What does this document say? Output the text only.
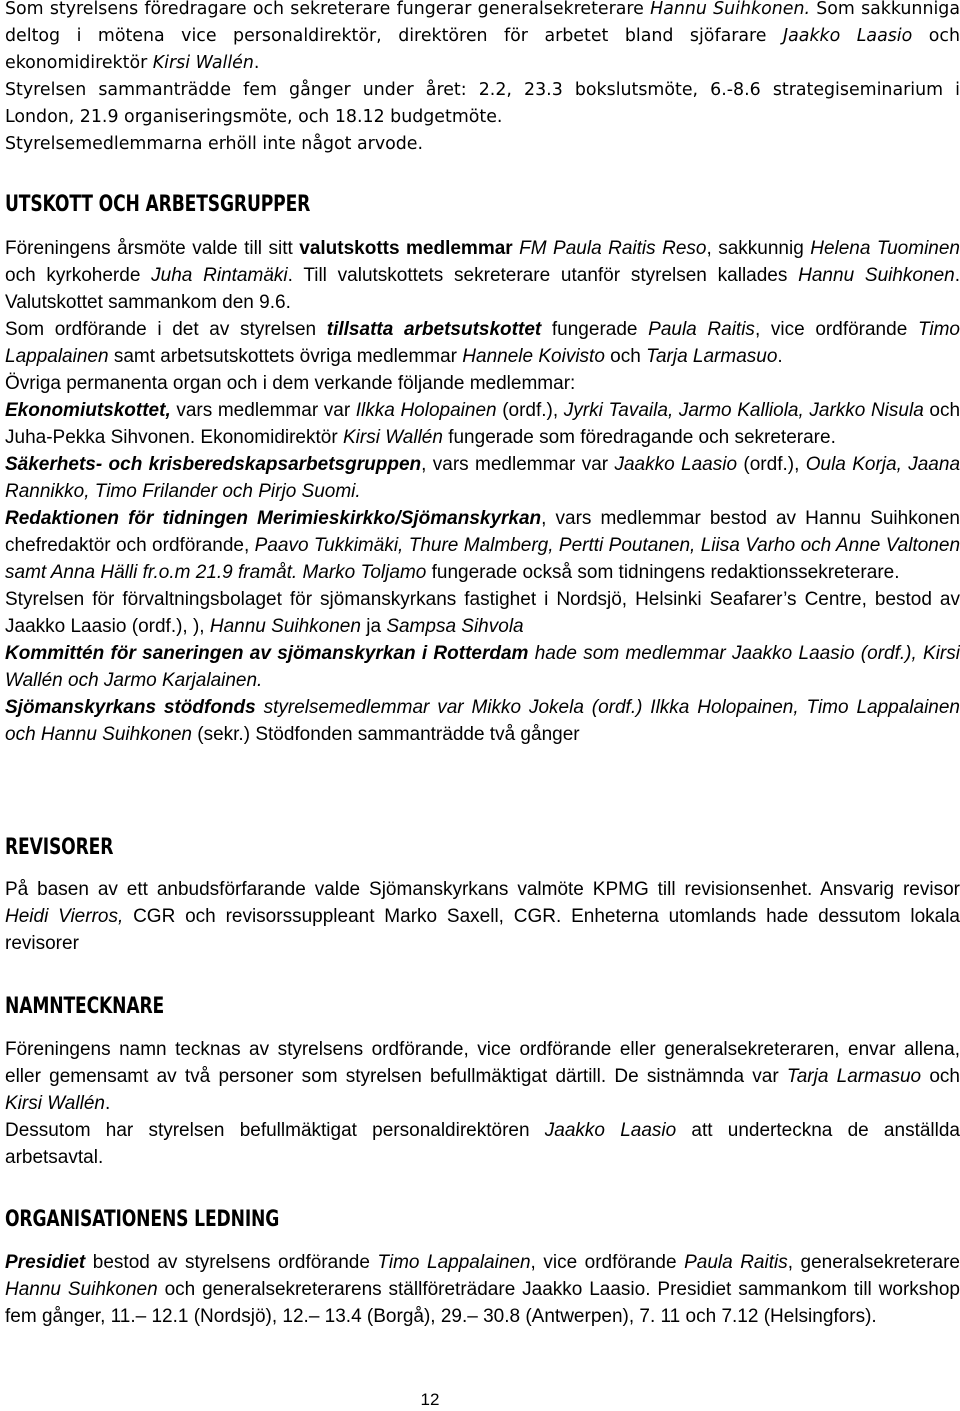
Som styrelsens föredragare och sekreterare fungerar generalsekreterare Hannu Suihkonen. Som sakkunniga deltog i mötena vice personaldirektör, direktören för arbetet bland sjöfarare Jaakko Laasio och ekonomidirektör Kirsi Wallén.

Styrelsen sammanträdde fem gånger under året: 2.2, 23.3 bokslutsmöte, 6.-8.6 strategiseminarium i London, 21.9 organiseringsmöte, och 18.12 budgetmöte.

Styrelsemedlemmarna erhöll inte något arvode.

UTSKOTT OCH ARBETSGRUPPER

Föreningens årsmöte valde till sitt valutskotts medlemmar FM Paula Raitis Reso, sakkunnig Helena Tuominen och kyrkoherde Juha Rintamäki. Till valutskottets sekreterare utanför styrelsen kallades Hannu Suihkonen. Valutskottet sammankom den 9.6.

Som ordförande i det av styrelsen tillsatta arbetsutskottet fungerade Paula Raitis, vice ordförande Timo Lappalainen samt arbetsutskottets övriga medlemmar Hannele Koivisto och Tarja Larmasuo.

Övriga permanenta organ och i dem verkande följande medlemmar:

Ekonomiutskottet, vars medlemmar var Ilkka Holopainen (ordf.), Jyrki Tavaila, Jarmo Kalliola, Jarkko Nisula och Juha-Pekka Sihvonen. Ekonomidirektör Kirsi Wallén fungerade som föredragande och sekreterare.

Säkerhets- och krisberedskapsarbetsgruppen, vars medlemmar var Jaakko Laasio (ordf.), Oula Korja, Jaana Rannikko, Timo Frilander och Pirjo Suomi.

Redaktionen för tidningen Merimieskirkko/Sjömanskyrkan, vars medlemmar bestod av Hannu Suihkonen chefredaktör och ordförande, Paavo Tukkimäki, Thure Malmberg, Pertti Poutanen, Liisa Varho och Anne Valtonen samt Anna Hälli fr.o.m 21.9 framåt. Marko Toljamo fungerade också som tidningens redaktionssekreterare.

Styrelsen för förvaltningsbolaget för sjömanskyrkans fastighet i Nordsjö, Helsinki Seafarer’s Centre, bestod av Jaakko Laasio (ordf.), ), Hannu Suihkonen ja Sampsa Sihvola

Kommittén för saneringen av sjömanskyrkan i Rotterdam hade som medlemmar Jaakko Laasio (ordf.), Kirsi Wallén och Jarmo Karjalainen.

Sjömanskyrkans stödfonds styrelsemedlemmar var Mikko Jokela (ordf.) Ilkka Holopainen, Timo Lappalainen och Hannu Suihkonen (sekr.) Stödfonden sammanträdde två gånger

REVISORER

På basen av ett anbudsförfarande valde Sjömanskyrkans valmöte KPMG till revisionsenhet. Ansvarig revisor Heidi Vierros, CGR och revisorssuppleant Marko Saxell, CGR. Enheterna utomlands hade dessutom lokala revisorer

NAMNTECKNARE

Föreningens namn tecknas av styrelsens ordförande, vice ordförande eller generalsekreteraren, envar allena, eller gemensamt av två personer som styrelsen befullmäktigat därtill. De sistnämnda var Tarja Larmasuo och Kirsi Wallén.

Dessutom har styrelsen befullmäktigat personaldirektören Jaakko Laasio att underteckna de anställda arbetsavtal.

ORGANISATIONENS LEDNING

Presidiet bestod av styrelsens ordförande Timo Lappalainen, vice ordförande Paula Raitis, generalsekreterare Hannu Suihkonen och generalsekreterarens ställföreträdare Jaakko Laasio. Presidiet sammankom till workshop fem gånger, 11.– 12.1 (Nordsjö), 12.– 13.4 (Borgå), 29.– 30.8 (Antwerpen), 7. 11 och 7.12 (Helsingfors).

12
